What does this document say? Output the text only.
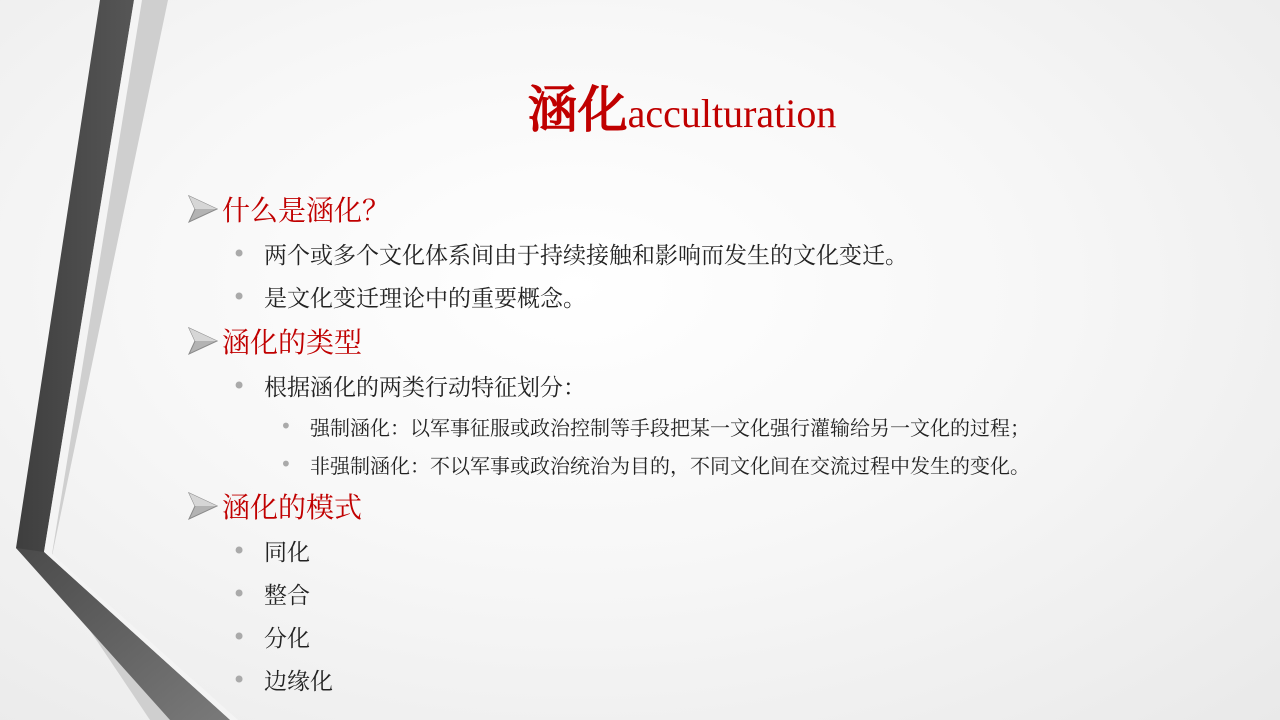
涵化acculturation
什么是涵化？
• 两个或多个文化体系间由于持续接触和影响而发生的文化变迁。
• 是文化变迁理论中的重要概念。
涵化的类型
• 根据涵化的两类行动特征划分：
• 强制涵化：以军事征服或政治控制等手段把某一文化强行灌输给另一文化的过程；
• 非强制涵化：不以军事或政治统治为目的，不同文化间在交流过程中发生的变化。
涵化的模式
• 同化
• 整合
• 分化
• 边缘化
